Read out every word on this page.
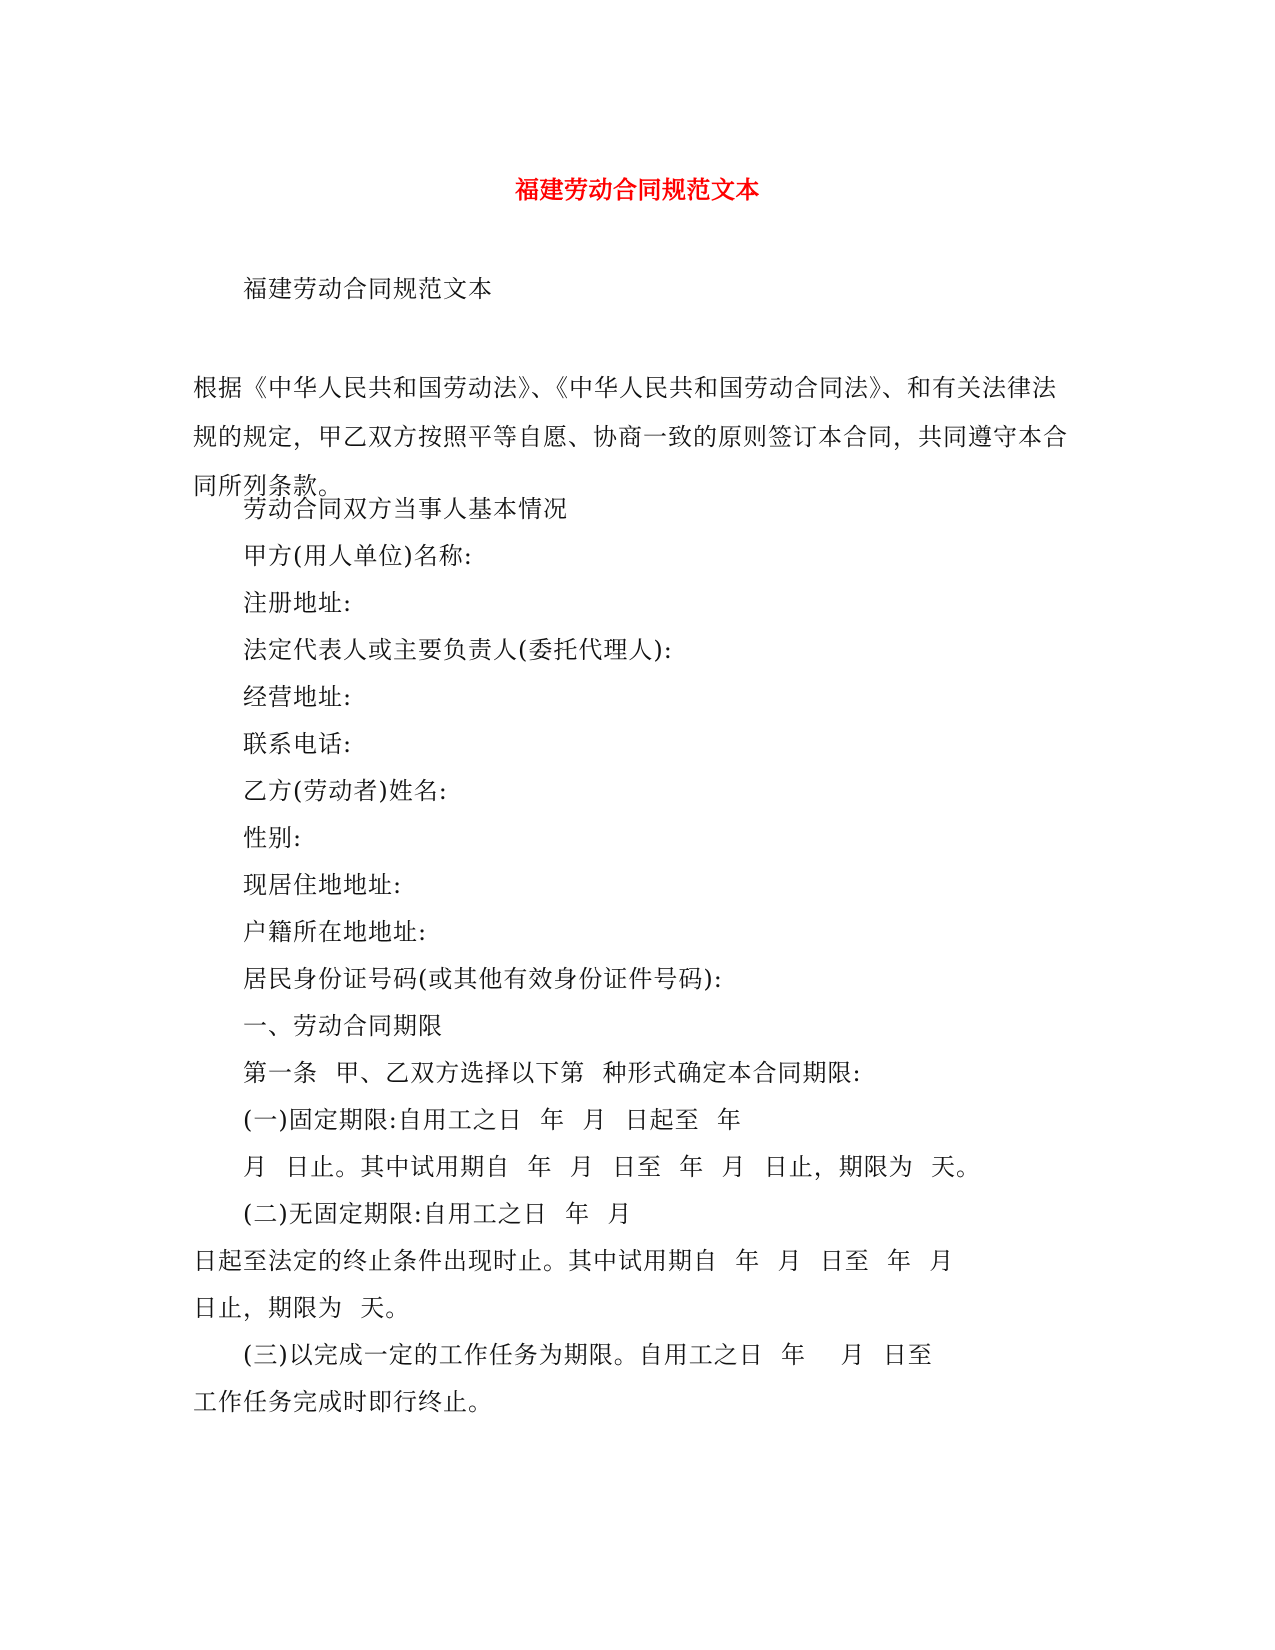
福建劳动合同规范文本
福建劳动合同规范文本
根据《中华人民共和国劳动法》、《中华人民共和国劳动合同法》、和有关法律法规的规定，甲乙双方按照平等自愿、协商一致的原则签订本合同，共同遵守本合同所列条款。
劳动合同双方当事人基本情况
甲方(用人单位)名称:
注册地址:
法定代表人或主要负责人(委托代理人):
经营地址:
联系电话:
乙方(劳动者)姓名:
性别:
现居住地地址:
户籍所在地地址:
居民身份证号码(或其他有效身份证件号码):
一、劳动合同期限
第一条  甲、乙双方选择以下第  种形式确定本合同期限:
(一)固定期限:自用工之日  年  月  日起至  年
月  日止。其中试用期自  年  月  日至  年  月  日止，期限为  天。
(二)无固定期限:自用工之日  年  月
日起至法定的终止条件出现时止。其中试用期自  年  月  日至  年  月
日止，期限为  天。
(三)以完成一定的工作任务为期限。自用工之日  年    月  日至
工作任务完成时即行终止。
